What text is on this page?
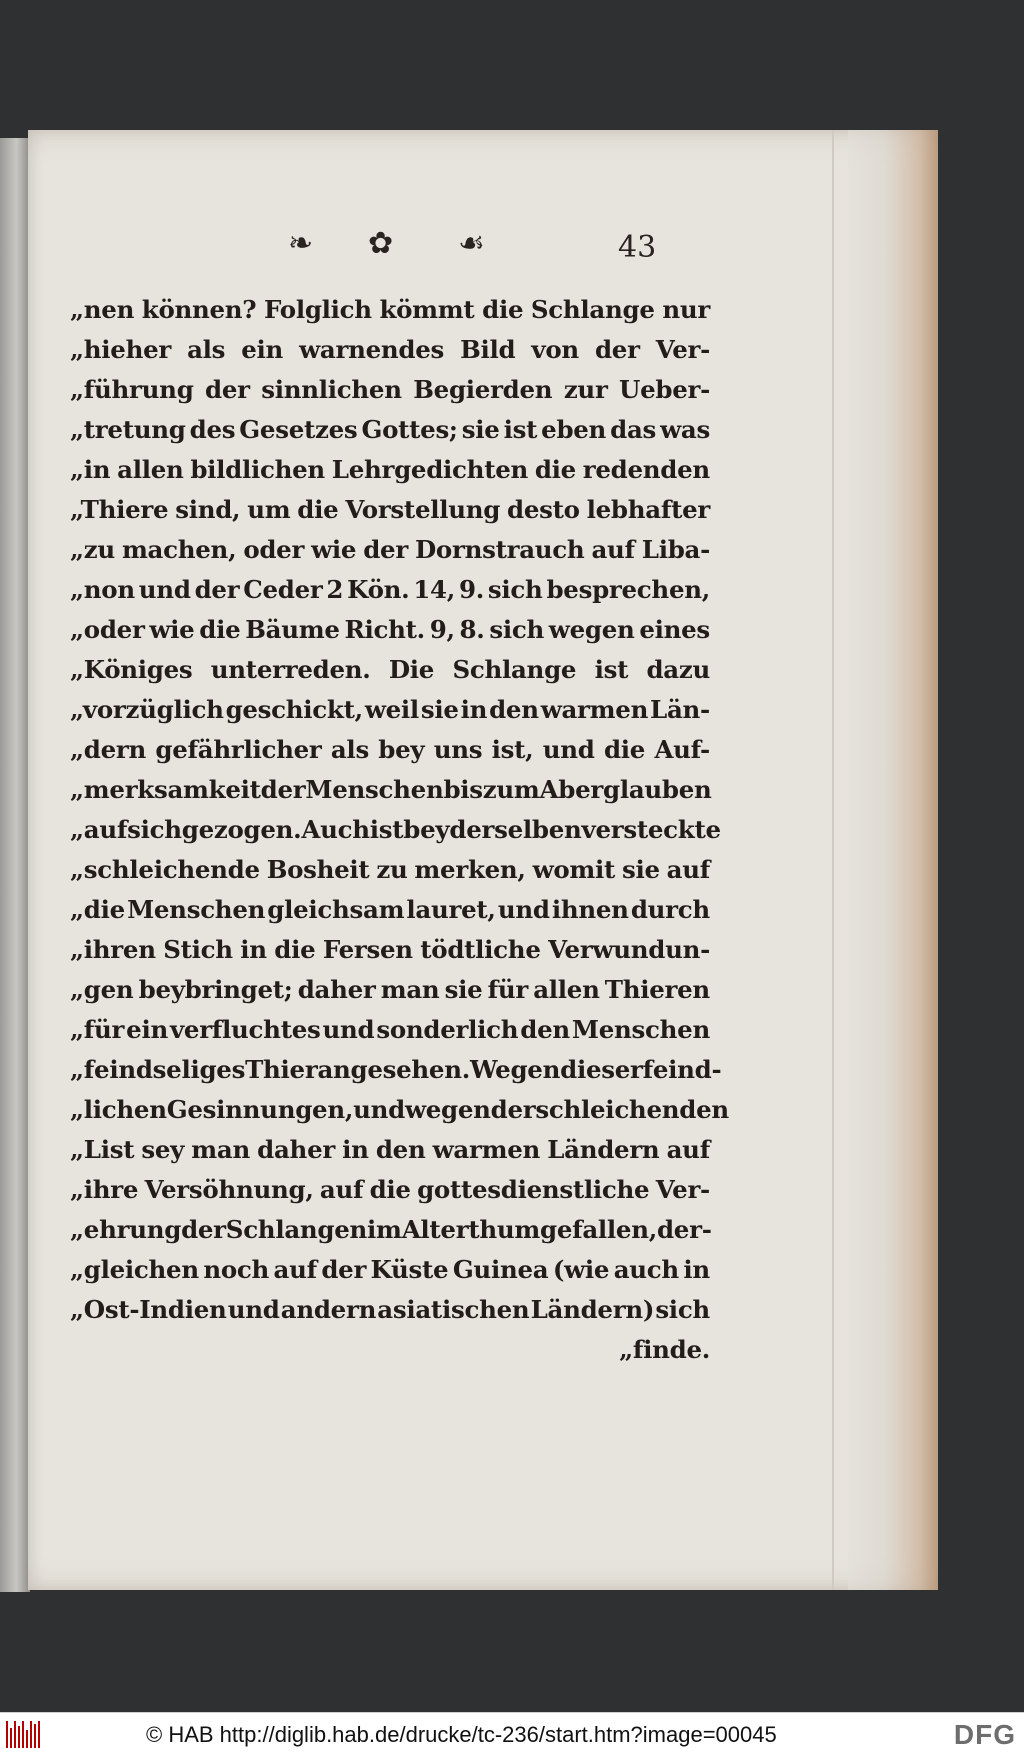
❧ ✿ ☙	43
„nen können? Folglich kömmt die Schlange nur
„hieher als ein warnendes Bild von der Ver-
„führung der sinnlichen Begierden zur Ueber-
„tretung des Gesetzes Gottes; sie ist eben das was
„in allen bildlichen Lehrgedichten die redenden
„Thiere sind, um die Vorstellung desto lebhafter
„zu machen, oder wie der Dornstrauch auf Liba-
„non und der Ceder 2 Kön. 14, 9. sich besprechen,
„oder wie die Bäume Richt. 9, 8. sich wegen eines
„Königes unterreden. Die Schlange ist dazu
„vorzüglich geschickt, weil sie in den warmen Län-
„dern gefährlicher als bey uns ist, und die Auf-
„merksamkeit der Menschen bis zum Aberglauben
„auf sich gezogen. Auch ist bey derselben versteckte
„schleichende Bosheit zu merken, womit sie auf
„die Menschen gleichsam lauret, und ihnen durch
„ihren Stich in die Fersen tödtliche Verwundun-
„gen beybringet; daher man sie für allen Thieren
„für ein verfluchtes und sonderlich den Menschen
„feindseliges Thier angesehen. Wegen dieser feind-
„lichen Gesinnungen, und wegen der schleichenden
„List sey man daher in den warmen Ländern auf
„ihre Versöhnung, auf die gottesdienstliche Ver-
„ehrung der Schlangen im Alterthum gefallen, der-
„gleichen noch auf der Küste Guinea (wie auch in
„Ost-Indien und andern asiatischen Ländern) sich
„finde.
© HAB http://diglib.hab.de/drucke/tc-236/start.htm?image=00045	DFG
